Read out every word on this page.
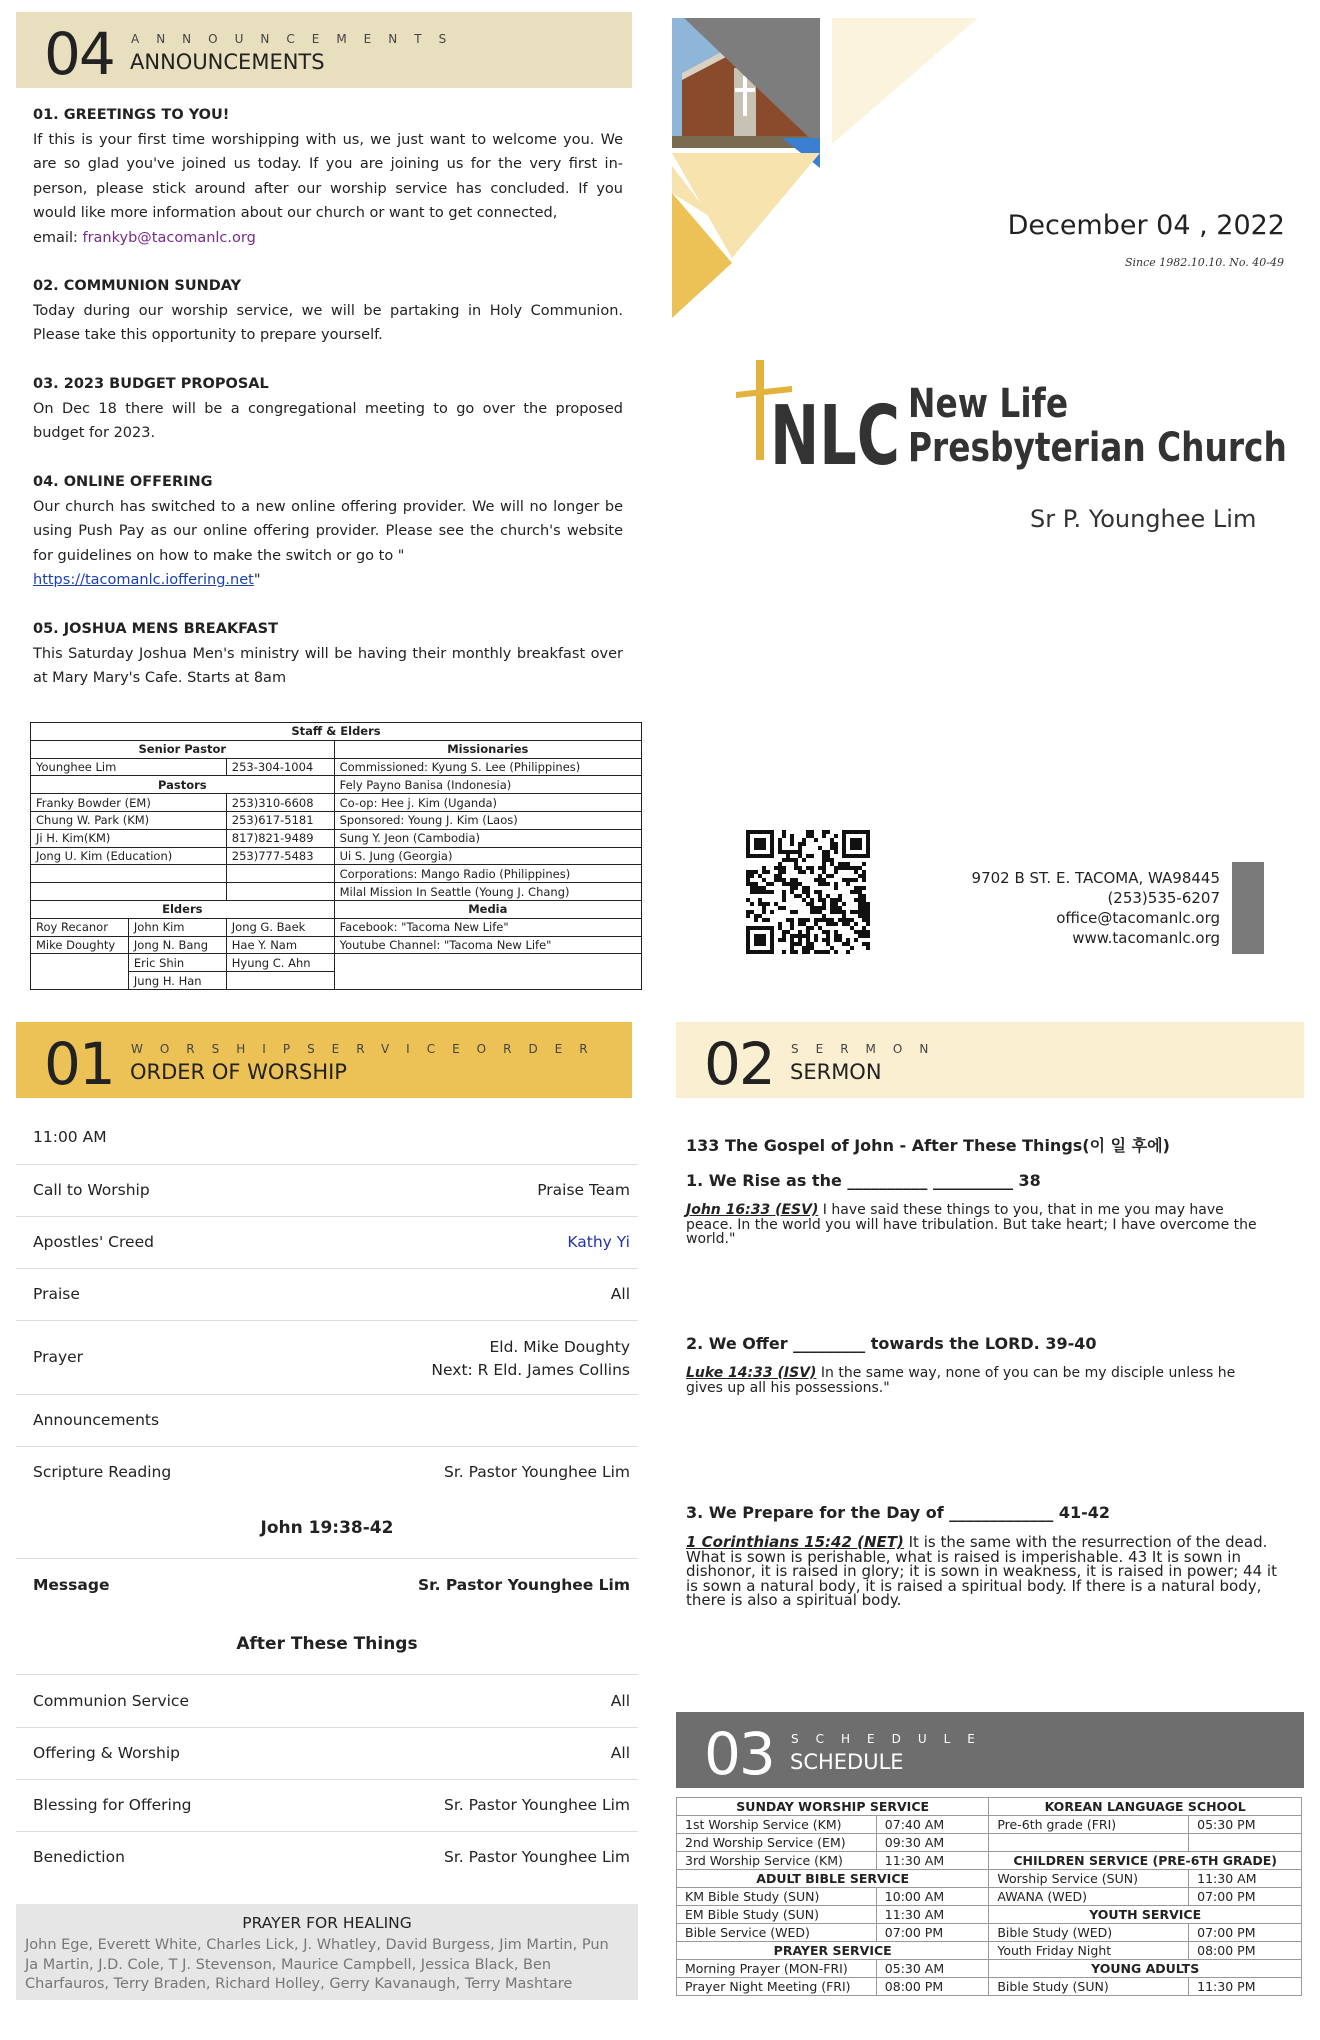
04 ANNOUNCEMENTS
ANNOUNCEMENTS
01. GREETINGS TO YOU!
If this is your first time worshipping with us, we just want to welcome you. We are so glad you've joined us today. If you are joining us for the very first in-person, please stick around after our worship service has concluded. If you would like more information about our church or want to get connected,
email: frankyb@tacomanlc.org
02. COMMUNION SUNDAY
Today during our worship service, we will be partaking in Holy Communion. Please take this opportunity to prepare yourself.
03. 2023 BUDGET PROPOSAL
On Dec 18 there will be a congregational meeting to go over the proposed budget for 2023.
04. ONLINE OFFERING
Our church has switched to a new online offering provider. We will no longer be using Push Pay as our online offering provider. Please see the church's website for guidelines on how to make the switch or go to "
https://tacomanlc.ioffering.net"
05. JOSHUA MENS BREAKFAST
This Saturday Joshua Men's ministry will be having their monthly breakfast over at Mary Mary's Cafe. Starts at 8am
Staff & Elders			
Senior Pastor			Missionaries
Younghee Lim		253-304-1004	Commissioned: Kyung S. Lee (Philippines)
Pastors			Fely Payno Banisa (Indonesia)
Franky Bowder (EM)		253)310-6608	Co-op: Hee j. Kim (Uganda)
Chung W. Park (KM)		253)617-5181	Sponsored: Young J. Kim (Laos)
Ji H. Kim(KM)		817)821-9489	Sung Y. Jeon (Cambodia)
Jong U. Kim (Education)		253)777-5483	Ui S. Jung (Georgia)
			Corporations: Mango Radio (Philippines)
			Milal Mission In Seattle (Young J. Chang)
Elders			Media
Roy Recanor	John Kim	Jong G. Baek	Facebook: "Tacoma New Life"
Mike Doughty	Jong N. Bang	Hae Y. Nam	Youtube Channel: "Tacoma New Life"
	Eric Shin	Hyung C. Ahn	
	Jung H. Han		
December 04 , 2022
Since 1982.10.10. No. 40-49
NLC New Life
Presbyterian Church
Sr P. Younghee Lim
9702 B ST. E. TACOMA, WA98445
(253)535-6207
office@tacomanlc.org
www.tacomanlc.org
01 WORSHIPSERVICEORDER
ORDER OF WORSHIP
11:00 AM
Call to Worship	Praise Team
Apostles' Creed	Kathy Yi
Praise	All
Prayer
Eld. Mike Doughty
Next: R Eld. James Collins
Announcements
Scripture Reading	Sr. Pastor Younghee Lim
John 19:38-42
Message	Sr. Pastor Younghee Lim
After These Things
Communion Service	All
Offering & Worship	All
Blessing for Offering	Sr. Pastor Younghee Lim
Benediction	Sr. Pastor Younghee Lim
PRAYER FOR HEALING
John Ege, Everett White, Charles Lick, J. Whatley, David Burgess, Jim Martin, Pun Ja Martin, J.D. Cole, T J. Stevenson, Maurice Campbell, Jessica Black, Ben Charfauros, Terry Braden, Richard Holley, Gerry Kavanaugh, Terry Mashtare
02 SERMON
SERMON
133 The Gospel of John - After These Things(이 일 후에)
1. We Rise as the __________ __________ 38
John 16:33 (ESV) I have said these things to you, that in me you may have peace. In the world you will have tribulation. But take heart; I have overcome the world."
2. We Offer _________ towards the LORD. 39-40
Luke 14:33 (ISV) In the same way, none of you can be my disciple unless he gives up all his possessions."
3. We Prepare for the Day of _____________ 41-42
1 Corinthians 15:42 (NET) It is the same with the resurrection of the dead. What is sown is perishable, what is raised is imperishable. 43 It is sown in dishonor, it is raised in glory; it is sown in weakness, it is raised in power; 44 it is sown a natural body, it is raised a spiritual body. If there is a natural body, there is also a spiritual body.
03 SCHEDULE
SCHEDULE
SUNDAY WORSHIP SERVICE		KOREAN LANGUAGE SCHOOL	
1st Worship Service (KM)	07:40 AM	Pre-6th grade (FRI)	05:30 PM
2nd Worship Service (EM)	09:30 AM		
3rd Worship Service (KM)	11:30 AM	CHILDREN SERVICE (PRE-6TH GRADE)	
ADULT BIBLE SERVICE		Worship Service (SUN)	11:30 AM
KM Bible Study (SUN)	10:00 AM	AWANA (WED)	07:00 PM
EM Bible Study (SUN)	11:30 AM	YOUTH SERVICE	
Bible Service (WED)	07:00 PM	Bible Study (WED)	07:00 PM
PRAYER SERVICE		Youth Friday Night	08:00 PM
Morning Prayer (MON-FRI)	05:30 AM	YOUNG ADULTS	
Prayer Night Meeting (FRI)	08:00 PM	Bible Study (SUN)	11:30 PM
